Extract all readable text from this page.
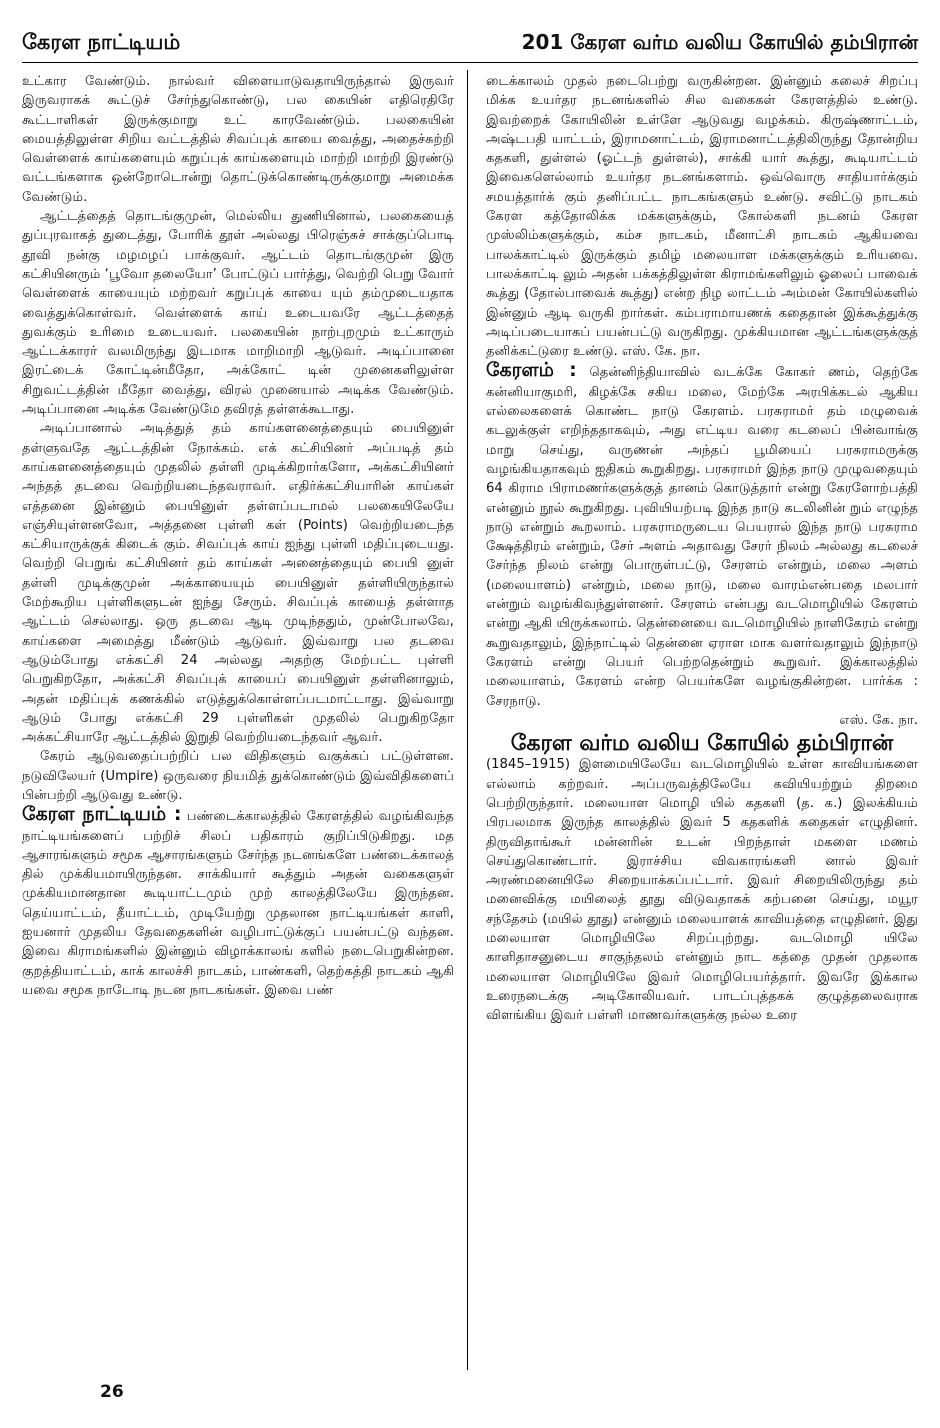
கேரள நாட்டியம்	201 கேரள வர்ம வலிய கோயில் தம்பிரான்

உட்கார வேண்டும். நால்வர் விளையாடுவதாயிருந்தால் இருவர் இருவராகக் கூட்டுச் சேர்ந்துகொண்டு, பல கையின் எதிரெதிரே கூட்டாளிகள் இருக்குமாறு உட் காரவேண்டும். பலகையின் மையத்திலுள்ள சிறிய வட்டத்தில் சிவப்புக் காயை வைத்து, அதைச்சுற்றி வெள்ளைக் காய்களையும் கறுப்புக் காய்களையும் மாற்றி மாற்றி இரண்டு வட்டங்களாக ஒன்றோடொன்று தொட்டுக்கொண்டிருக்குமாறு அமைக்க வேண்டும்.

ஆட்டத்தைத் தொடங்குமுன், மெல்லிய துணியினால், பலகையைத் துப்புரவாகத் துடைத்து, போரிக் தூள் அல்லது பிரெஞ்சுச் சாக்குப்பொடி தூவி நன்கு மழமழப் பாக்குவர். ஆட்டம் தொடங்குமுன் இரு கட்சியினரும் ‘பூவோ தலையோ’ போட்டுப் பார்த்து, வெற்றி பெறு வோர் வெள்ளைக் காயையும் மற்றவர் கறுப்புக் காயை யும் தம்முடையதாக வைத்துக்கொள்வர். வெள்ளைக் காய் உடையவரே ஆட்டத்தைத் துவக்கும் உரிமை உடையவர். பலகையின் நாற்புறமும் உட்காரும் ஆட்டக்காரர் வலமிருந்து இடமாக மாறிமாறி ஆடுவர். அடிப்பானை இரட்டைக் கோட்டின்மீதோ, அக்கோட் டின் முனைகளிலுள்ள சிறுவட்டத்தின் மீதோ வைத்து, விரல் முனையால் அடிக்க வேண்டும். அடிப்பானை அடிக்க வேண்டுமே தவிரத் தள்ளக்கூடாது.

அடிப்பானால் அடித்துத் தம் காய்களனைத்தையும் பையினுள் தள்ளுவதே ஆட்டத்தின் நோக்கம். எக் கட்சியினர் அப்படித் தம் காய்களனைத்தையும் முதலில் தள்ளி முடிக்கிறார்களோ, அக்கட்சியினர் அந்தத் தடவை வெற்றியடைந்தவராவர். எதிர்க்கட்சியாரின் காய்கள் எத்தனை இன்னும் பையினுள் தள்ளப்படாமல் பலகையிலேயே எஞ்சியுள்ளனவோ, அத்தனை புள்ளி கள் (Points) வெற்றியடைந்த கட்சியாருக்குக் கிடைக் கும். சிவப்புக் காய் ஐந்து புள்ளி மதிப்புடையது. வெற்றி பெறுங் கட்சியினர் தம் காய்கள் அனைத்தையும் பையி னுள் தள்ளி முடிக்குமுன் அக்காயையும் பையினுள் தள்ளியிருந்தால் மேற்கூறிய புள்ளிகளுடன் ஐந்து சேரும். சிவப்புக் காயைத் தள்ளாத ஆட்டம் செல்லாது. ஒரு தடவை ஆடி முடிந்ததும், முன்போலவே, காய்களை அமைத்து மீண்டும் ஆடுவர். இவ்வாறு பல தடவை ஆடும்போது எக்கட்சி 24 அல்லது அதற்கு மேற்பட்ட புள்ளி பெறுகிறதோ, அக்கட்சி சிவப்புக் காயைப் பையினுள் தள்ளினாலும், அதன் மதிப்புக் கணக்கில் எடுத்துக்கொள்ளப்படமாட்டாது. இவ்வாறு ஆடும் போது எக்கட்சி 29 புள்ளிகள் முதலில் பெறுகிறதோ அக்கட்சியாரே ஆட்டத்தில் இறுதி வெற்றியடைந்தவர் ஆவர்.

கேரம் ஆடுவதைப்பற்றிப் பல விதிகளும் வகுக்கப் பட்டுள்ளன. நடுவிலேயர் (Umpire) ஒருவரை நியமித் துக்கொண்டும் இவ்விதிகளைப் பின்பற்றி ஆடுவது உண்டு.

கேரள நாட்டியம் : பண்டைக்காலத்தில் கேரளத்தில் வழங்கிவந்த நாட்டியங்களைப் பற்றிச் சிலப் பதிகாரம் குறிப்பிடுகிறது. மத ஆசாரங்களும் சமூக ஆசாரங்களும் சேர்ந்த நடனங்களே பண்டைக்காலத் தில் முக்கியமாயிருந்தன. சாக்கியார் கூத்தும் அதன் வகைகளுள் முக்கியமானதான கூடியாட்டமும் முற் காலத்திலேயே இருந்தன. தெய்யாட்டம், தீயாட்டம், முடியேற்று முதலான நாட்டியங்கள் காளி, ஐயனார் முதலிய தேவதைகளின் வழிபாட்டுக்குப் பயன்பட்டு வந்தன. இவை கிராமங்களில் இன்னும் விழாக்காலங் களில் நடைபெறுகின்றன. குறத்தியாட்டம், காக் காலச்சி நாடகம், பாண்களி, தெற்கத்தி நாடகம் ஆகி யவை சமூக நாடோடி நடன நாடகங்கள். இவை பண்

டைக்காலம் முதல் நடைபெற்று வருகின்றன. இன்னும் கலைச் சிறப்பு மிக்க உயர்தர நடனங்களில் சில வகைகள் கேரளத்தில் உண்டு. இவற்றைக் கோயிலின் உள்ளே ஆடுவது வழக்கம். கிருஷ்ணாட்டம், அஷ்டபதி யாட்டம், இராமனாட்டம், இராமனாட்டத்திலிருந்து தோன்றிய கதகளி, துள்ளல் (ஓட்டந் துள்ளல்), சாக்கி யார் கூத்து, கூடியாட்டம் இவைகளெல்லாம் உயர்தர நடனங்களாம். ஒவ்வொரு சாதியார்க்கும் சமயத்தார்க் கும் தனிப்பட்ட நாடகங்களும் உண்டு. சவிட்டு நாடகம் கேரள கத்தோலிக்க மக்களுக்கும், கோல்களி நடனம் கேரள முஸ்லிம்களுக்கும், கம்ச நாடகம், மீனாட்சி நாடகம் ஆகியவை பாலக்காட்டில் இருக்கும் தமிழ் மலையாள மக்களுக்கும் உரியவை. பாலக்காட்டி லும் அதன் பக்கத்திலுள்ள கிராமங்களிலும் ஓலைப் பாவைக் கூத்து (தோல்பாவைக் கூத்து) என்ற நிழ லாட்டம் அம்மன் கோயில்களில் இன்னும் ஆடி வருகி றார்கள். கம்பராமாயணக் கதைதான் இக்கூத்துக்கு அடிப்படையாகப் பயன்பட்டு வருகிறது. முக்கியமான ஆட்டங்களுக்குத் தனிக்கட்டுரை உண்டு. எஸ். கே. நா.

கேரளம் : தென்னிந்தியாவில் வடக்கே கோகர் ணம், தெற்கே கன்னியாகுமரி, கிழக்கே சகிய மலை, மேற்கே அரபிக்கடல் ஆகிய எல்லைகளைக் கொண்ட நாடு கேரளம். பரசுராமர் தம் மழுவைக் கடலுக்குள் எறிந்ததாகவும், அது எட்டிய வரை கடலைப் பின்வாங்கு மாறு செய்து, வருணன் அந்தப் பூமியைப் பரசுராமருக்கு வழங்கியதாகவும் ஐதிகம் கூறுகிறது. பரசுராமர் இந்த நாடு முழுவதையும் 64 கிராம பிராமணர்களுக்குத் தானம் கொடுத்தார் என்று கேரளோற்பத்தி என்னும் நூல் கூறுகிறது. புவியியற்படி இந்த நாடு கடலினின் றும் எழுந்த நாடு என்றும் கூறலாம். பரசுராமருடைய பெயரால் இந்த நாடு பரசுராம க்ஷேத்திரம் என்றும், சேர் அளம் அதாவது சேரர் நிலம் அல்லது கடலைச் சேர்ந்த நிலம் என்று பொருள்பட்டு, சேரளம் என்றும், மலை அளம் (மலையாளம்) என்றும், மலை நாடு, மலை வாரம்என்பதை மலபார் என்றும் வழங்கிவந்துள்ளனர். சேரளம் என்பது வடமொழியில் கேரளம் என்று ஆகி யிருக்கலாம். தென்னையை வடமொழியில் நாளிகேரம் என்று கூறுவதாலும், இந்நாட்டில் தென்னை ஏராள மாக வளர்வதாலும் இந்நாடு கேரளம் என்று பெயர் பெற்றதென்றும் கூறுவர். இக்காலத்தில் மலையாளம், கேரளம் என்ற பெயர்களே வழங்குகின்றன. பார்க்க : சேரநாடு.

எஸ். கே. நா.
கேரள வர்ம வலிய கோயில் தம்பிரான்

(1845–1915) இளமையிலேயே வடமொழியில் உள்ள காவியங்களை எல்லாம் கற்றவர். அப்பருவத்திலேயே கவியியற்றும் திறமை பெற்றிருந்தார். மலையாள மொழி யில் கதகளி (த. க.) இலக்கியம் பிரபலமாக இருந்த காலத்தில் இவர் 5 கதகளிக் கதைகள் எழுதினர். திருவிதாங்கூர் மன்னரின் உடன் பிறந்தாள் மகளை மணம் செய்துகொண்டார். இராச்சிய விவகாரங்களி னால் இவர் அரண்மனையிலே சிறையாக்கப்பட்டார். இவர் சிறையிலிருந்து தம் மனைவிக்கு மயிலைத் தூது விடுவதாகக் கற்பனை செய்து, மயூர சந்தேசம் (மயில் தூது) என்னும் மலையாளக் காவியத்தை எழுதினர். இது மலையாள மொழியிலே சிறப்புற்றது. வடமொழி யிலே காளிதாசனுடைய சாகுந்தலம் என்னும் நாட கத்தை முதன் முதலாக மலையாள மொழியிலே இவர் மொழிபெயர்த்தார். இவரே இக்கால உரைநடைக்கு அடிகோலியவர். பாடப்புத்தகக் குழுத்தலைவராக விளங்கிய இவர் பள்ளி மாணவர்களுக்கு நல்ல உரை

26
